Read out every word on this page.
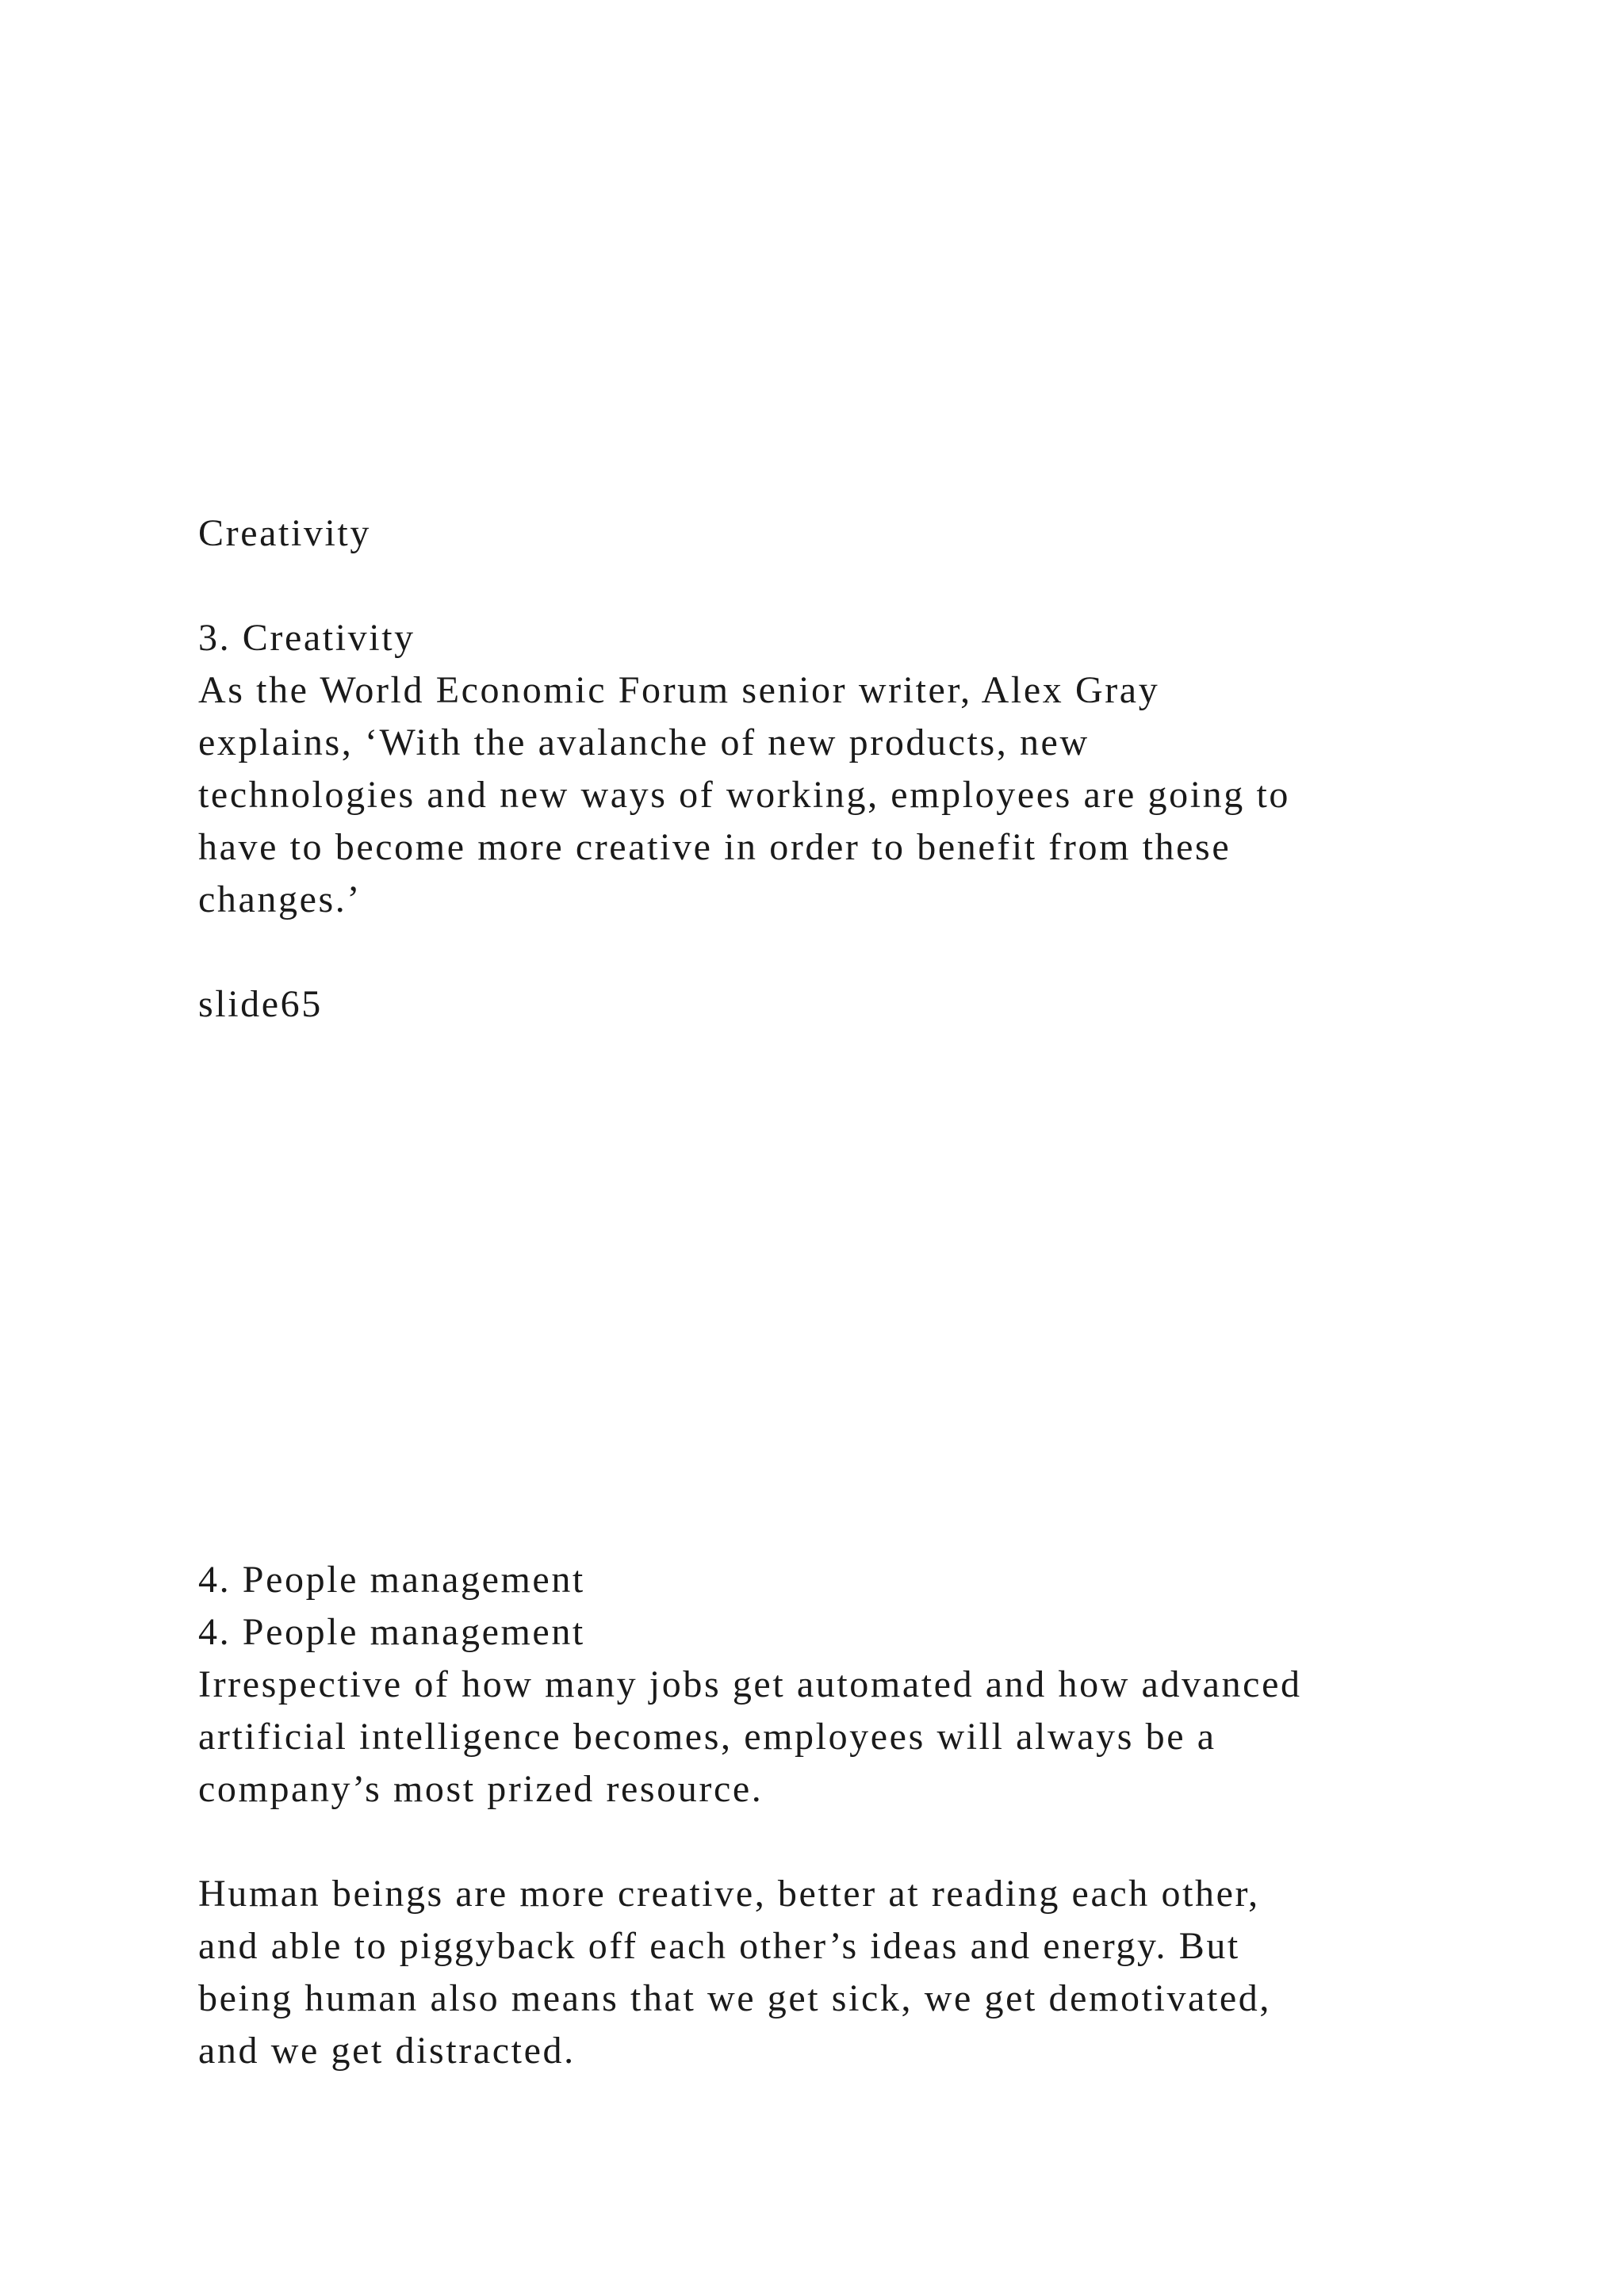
Creativity
3. Creativity
As the World Economic Forum senior writer, Alex Gray
explains, ‘With the avalanche of new products, new
technologies and new ways of working, employees are going to
have to become more creative in order to benefit from these
changes.’
slide65
4. People management
4. People management
Irrespective of how many jobs get automated and how advanced
artificial intelligence becomes, employees will always be a
company’s most prized resource.
Human beings are more creative, better at reading each other,
and able to piggyback off each other’s ideas and energy. But
being human also means that we get sick, we get demotivated,
and we get distracted.
